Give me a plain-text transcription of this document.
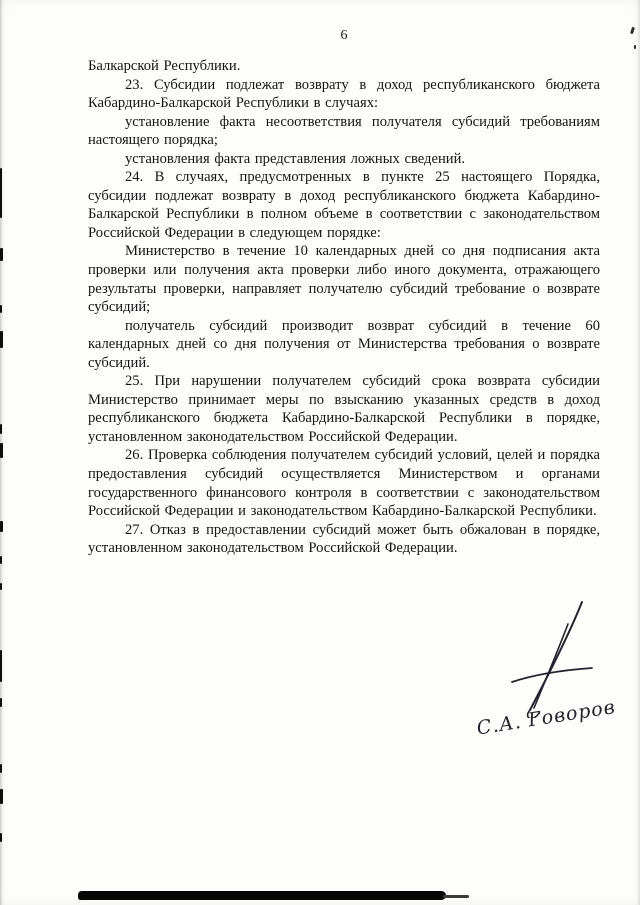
6

Балкарской Республики.

23. Субсидии подлежат возврату в доход республиканского бюджета Кабардино-Балкарской Республики в случаях:

установление факта несоответствия получателя субсидий требованиям настоящего порядка;

установления факта представления ложных сведений.

24. В случаях, предусмотренных в пункте 25 настоящего Порядка, субсидии подлежат возврату в доход республиканского бюджета Кабардино-Балкарской Республики в полном объеме в соответствии с законодательством Российской Федерации в следующем порядке:

Министерство в течение 10 календарных дней со дня подписания акта проверки или получения акта проверки либо иного документа, отражающего результаты проверки, направляет получателю субсидий требование о возврате субсидий;

получатель субсидий производит возврат субсидий в течение 60 календарных дней со дня получения от Министерства требования о возврате субсидий.

25. При нарушении получателем субсидий срока возврата субсидии Министерство принимает меры по взысканию указанных средств в доход республиканского бюджета Кабардино-Балкарской Республики в порядке, установленном законодательством Российской Федерации.

26. Проверка соблюдения получателем субсидий условий, целей и порядка предоставления субсидий осуществляется Министерством и органами государственного финансового контроля в соответствии с законодательством Российской Федерации и законодательством Кабардино-Балкарской Республики.

27. Отказ в предоставлении субсидий может быть обжалован в порядке, установленном законодательством Российской Федерации.

С.А. Говоров
